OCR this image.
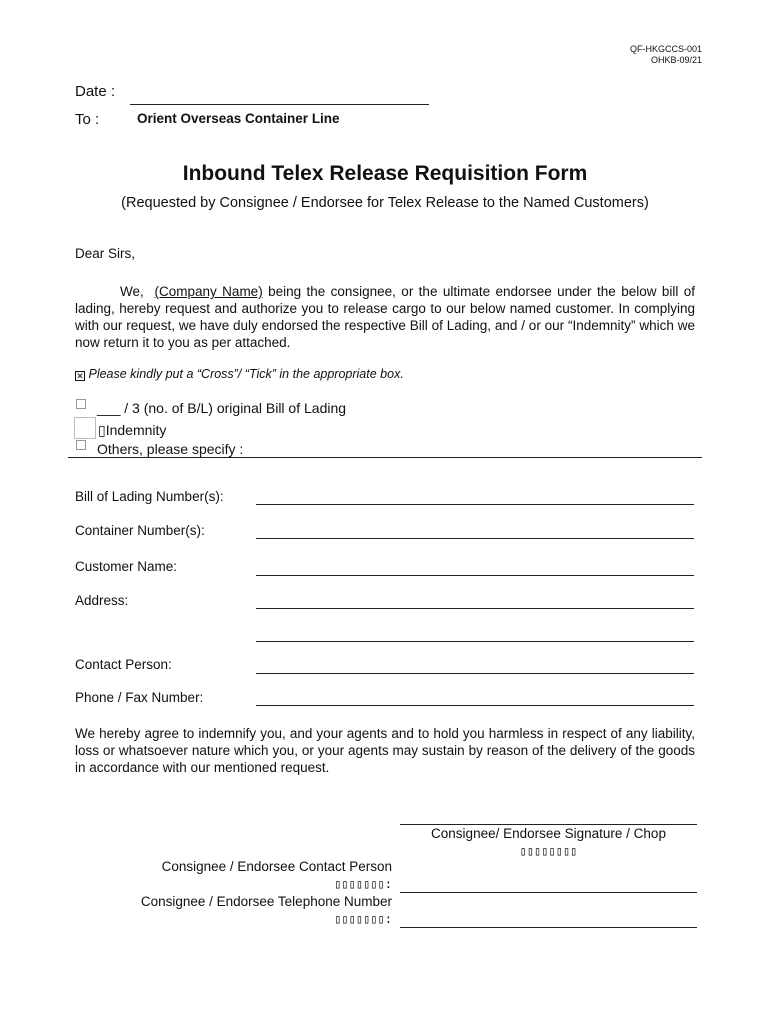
QF-HKGCCS-001
OHKB-09/21
Date :
To :	Orient Overseas Container Line
Inbound Telex Release Requisition Form
(Requested by Consignee / Endorsee for Telex Release to the Named Customers)
Dear Sirs,
We, (Company Name) being the consignee, or the ultimate endorsee under the below bill of lading, hereby request and authorize you to release cargo to our below named customer. In complying with our request, we have duly endorsed the respective Bill of Lading, and / or our “Indemnity” which we now return it to you as per attached.
✕ Please kindly put a “Cross”/ “Tick” in the appropriate box.
___ / 3 (no. of B/L) original Bill of Lading
▯Indemnity
Others, please specify :
Bill of Lading Number(s):
Container Number(s):
Customer Name:
Address:
Contact Person:
Phone / Fax Number:
We hereby agree to indemnify you, and your agents and to hold you harmless in respect of any liability, loss or whatsoever nature which you, or your agents may sustain by reason of the delivery of the goods in accordance with our mentioned request.
Consignee/ Endorsee Signature / Chop
▯▯▯▯▯▯▯▯
Consignee / Endorsee Contact Person
▯▯▯▯▯▯▯:
Consignee / Endorsee Telephone Number
▯▯▯▯▯▯▯:
